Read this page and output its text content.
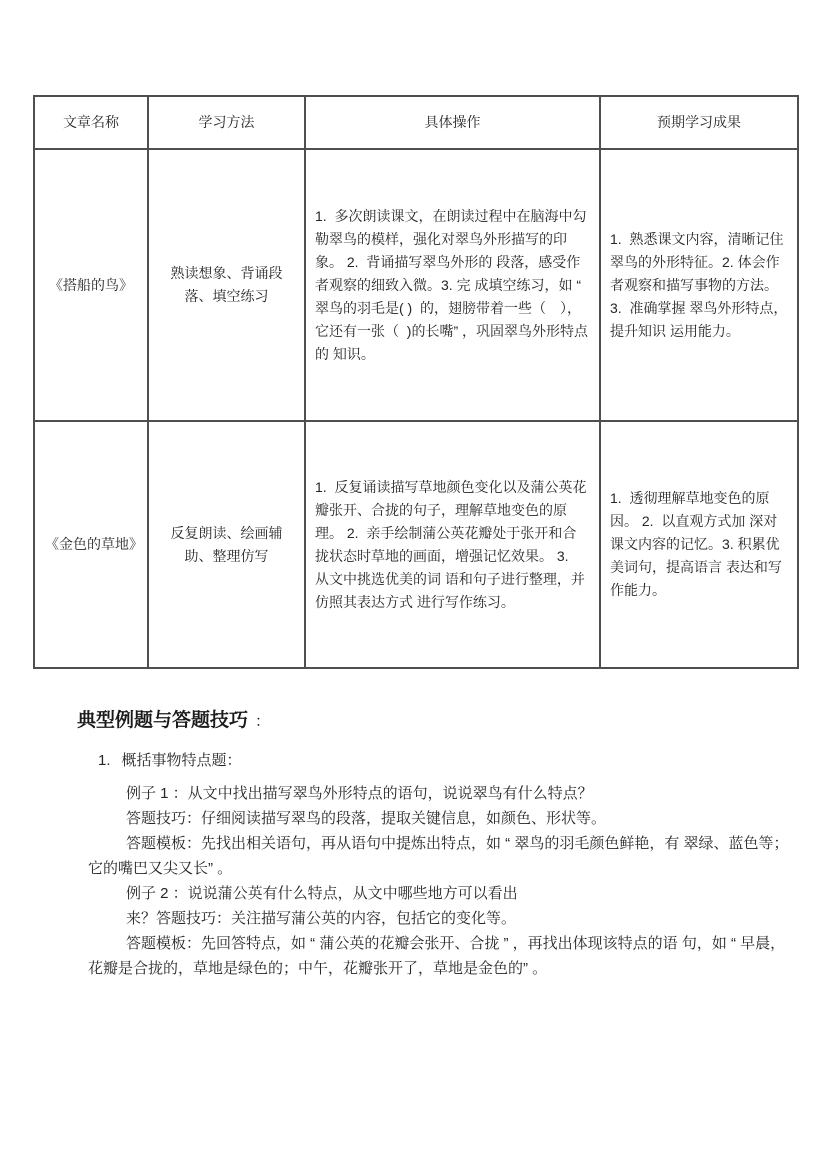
文章名称	学习方法	具体操作	预期学习成果
《搭船的鸟》	熟读想象、背诵段落、填空练习	1.  多次朗读课文，在朗读过程中在脑海中勾勒翠鸟的模样，强化对翠鸟外形描写的印象。 2.  背诵描写翠鸟外形的 段落，感受作者观察的细致入微。3. 完 成填空练习，如 “ 翠鸟的羽毛是( )  的，翅膀带着一些（　），它还有一张（  )的长嘴” ，巩固翠鸟外形特点的 知识。	1.  熟悉课文内容，清晰记住翠鸟的外形特征。2. 体会作者观察和描写事物的方法。 3.  准确掌握 翠鸟外形特点，提升知识 运用能力。
《金色的草地》	反复朗读、绘画辅助、整理仿写	1.  反复诵读描写草地颜色变化以及蒲公英花瓣张开、合拢的句子，理解草地变色的原理。 2.  亲手绘制蒲公英花瓣处于张开和合拢状态时草地的画面，增强记忆效果。 3.  从文中挑选优美的词 语和句子进行整理，并仿照其表达方式 进行写作练习。	1.  透彻理解草地变色的原因。 2.  以直观方式加 深对课文内容的记忆。3. 积累优美词句，提高语言 表达和写作能力。
典型例题与答题技巧 ：
1. 概括事物特点题：

例子 1 ：从文中找出描写翠鸟外形特点的语句，说说翠鸟有什么特点？

答题技巧：仔细阅读描写翠鸟的段落，提取关键信息，如颜色、形状等。

答题模板：先找出相关语句，再从语句中提炼出特点，如 “ 翠鸟的羽毛颜色鲜艳，有 翠绿、蓝色等；它的嘴巴又尖又长” 。

例子 2 ：说说蒲公英有什么特点，从文中哪些地方可以看出

来？答题技巧：关注描写蒲公英的内容，包括它的变化等。

答题模板：先回答特点，如 “ 蒲公英的花瓣会张开、合拢 ” ，再找出体现该特点的语 句，如 “ 早晨，花瓣是合拢的，草地是绿色的；中午，花瓣张开了，草地是金色的” 。
